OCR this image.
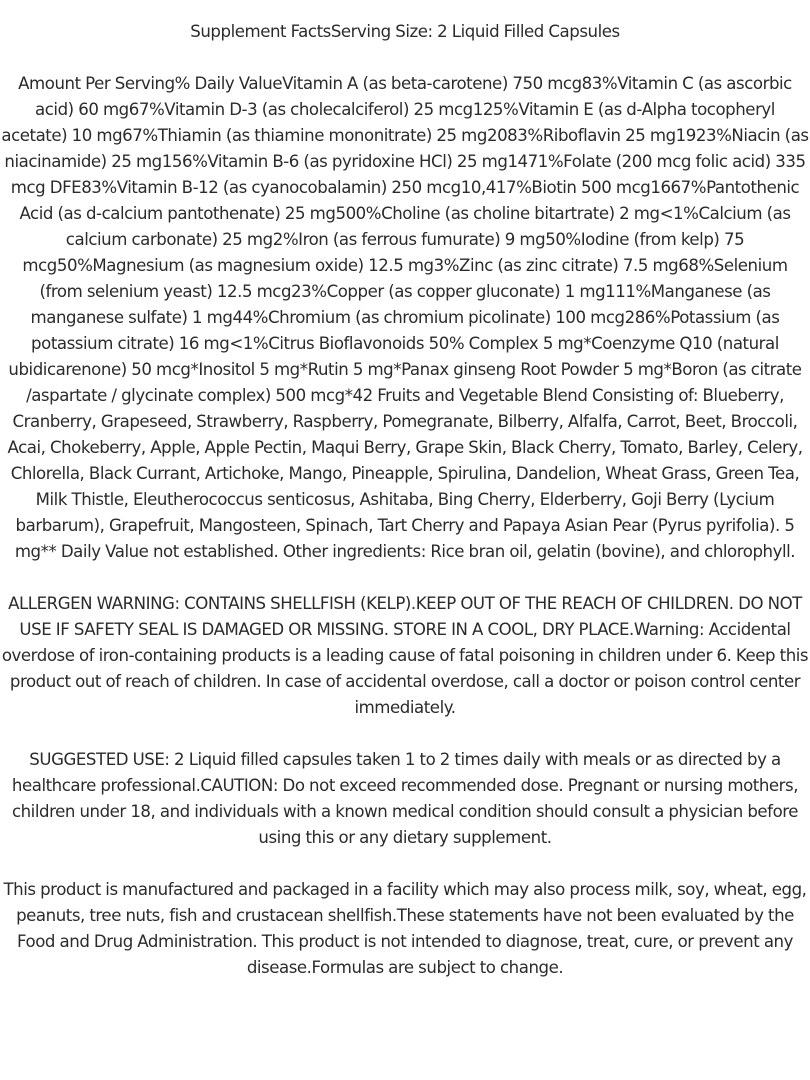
Supplement FactsServing Size: 2 Liquid Filled Capsules

Amount Per Serving% Daily ValueVitamin A (as beta-carotene) 750 mcg83%Vitamin C (as ascorbic acid) 60 mg67%Vitamin D-3 (as cholecalciferol) 25 mcg125%Vitamin E (as d-Alpha tocopheryl acetate) 10 mg67%Thiamin (as thiamine mononitrate) 25 mg2083%Riboflavin 25 mg1923%Niacin (as niacinamide) 25 mg156%Vitamin B-6 (as pyridoxine HCl) 25 mg1471%Folate (200 mcg folic acid) 335 mcg DFE83%Vitamin B-12 (as cyanocobalamin) 250 mcg10,417%Biotin 500 mcg1667%Pantothenic Acid (as d-calcium pantothenate) 25 mg500%Choline (as choline bitartrate) 2 mg<1%Calcium (as calcium carbonate) 25 mg2%Iron (as ferrous fumurate) 9 mg50%Iodine (from kelp) 75 mcg50%Magnesium (as magnesium oxide) 12.5 mg3%Zinc (as zinc citrate) 7.5 mg68%Selenium (from selenium yeast) 12.5 mcg23%Copper (as copper gluconate) 1 mg111%Manganese (as manganese sulfate) 1 mg44%Chromium (as chromium picolinate) 100 mcg286%Potassium (as potassium citrate) 16 mg<1%Citrus Bioflavonoids 50% Complex 5 mg*Coenzyme Q10 (natural ubidicarenone) 50 mcg*Inositol 5 mg*Rutin 5 mg*Panax ginseng Root Powder 5 mg*Boron (as citrate /aspartate / glycinate complex) 500 mcg*42 Fruits and Vegetable Blend Consisting of: Blueberry, Cranberry, Grapeseed, Strawberry, Raspberry, Pomegranate, Bilberry, Alfalfa, Carrot, Beet, Broccoli, Acai, Chokeberry, Apple, Apple Pectin, Maqui Berry, Grape Skin, Black Cherry, Tomato, Barley, Celery, Chlorella, Black Currant, Artichoke, Mango, Pineapple, Spirulina, Dandelion, Wheat Grass, Green Tea, Milk Thistle, Eleutherococcus senticosus, Ashitaba, Bing Cherry, Elderberry, Goji Berry (Lycium barbarum), Grapefruit, Mangosteen, Spinach, Tart Cherry and Papaya Asian Pear (Pyrus pyrifolia). 5 mg** Daily Value not established. Other ingredients: Rice bran oil, gelatin (bovine), and chlorophyll.

ALLERGEN WARNING: CONTAINS SHELLFISH (KELP).KEEP OUT OF THE REACH OF CHILDREN. DO NOT USE IF SAFETY SEAL IS DAMAGED OR MISSING. STORE IN A COOL, DRY PLACE.Warning: Accidental overdose of iron-containing products is a leading cause of fatal poisoning in children under 6. Keep this product out of reach of children. In case of accidental overdose, call a doctor or poison control center immediately.

SUGGESTED USE: 2 Liquid filled capsules taken 1 to 2 times daily with meals or as directed by a healthcare professional.CAUTION: Do not exceed recommended dose. Pregnant or nursing mothers, children under 18, and individuals with a known medical condition should consult a physician before using this or any dietary supplement.

This product is manufactured and packaged in a facility which may also process milk, soy, wheat, egg, peanuts, tree nuts, fish and crustacean shellfish.These statements have not been evaluated by the Food and Drug Administration. This product is not intended to diagnose, treat, cure, or prevent any disease.Formulas are subject to change.
